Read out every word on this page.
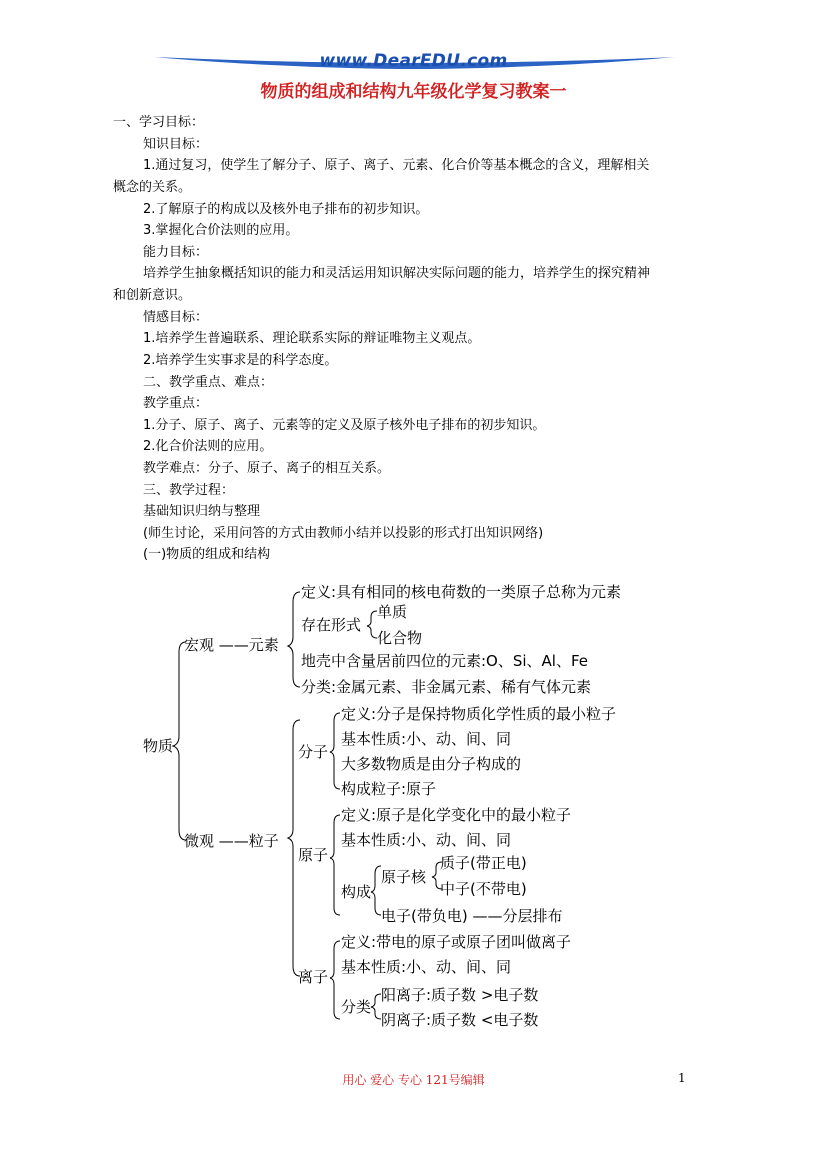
www.DearEDU.com
物质的组成和结构九年级化学复习教案一
一、学习目标：
知识目标：
1.通过复习，使学生了解分子、原子、离子、元素、化合价等基本概念的含义，理解相关
概念的关系。
2.了解原子的构成以及核外电子排布的初步知识。
3.掌握化合价法则的应用。
能力目标：
培养学生抽象概括知识的能力和灵活运用知识解决实际问题的能力，培养学生的探究精神
和创新意识。
情感目标：
1.培养学生普遍联系、理论联系实际的辩证唯物主义观点。
2.培养学生实事求是的科学态度。
二、教学重点、难点：
教学重点：
1.分子、原子、离子、元素等的定义及原子核外电子排布的初步知识。
2.化合价法则的应用。
教学难点：分子、原子、离子的相互关系。
三、教学过程：
基础知识归纳与整理
(师生讨论，采用问答的方式由教师小结并以投影的形式打出知识网络)
(一)物质的组成和结构
物质
宏观 ——元素
定义:具有相同的核电荷数的一类原子总称为元素
存在形式
单质
化合物
地壳中含量居前四位的元素:O、Si、Al、Fe
分类:金属元素、非金属元素、稀有气体元素
微观 ——粒子
分子
定义:分子是保持物质化学性质的最小粒子
基本性质:小、动、间、同
大多数物质是由分子构成的
构成粒子:原子
原子
定义:原子是化学变化中的最小粒子
基本性质:小、动、间、同
构成
原子核
质子(带正电)
中子(不带电)
电子(带负电) ——分层排布
离子
定义:带电的原子或原子团叫做离子
基本性质:小、动、间、同
分类
阳离子:质子数 >电子数
阴离子:质子数 <电子数
用心 爱心 专心 121号编辑	1
